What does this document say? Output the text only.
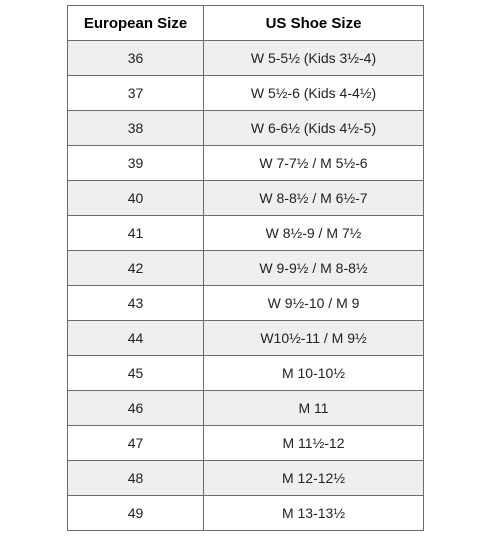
European Size	US Shoe Size
36	W 5-5½ (Kids 3½-4)
37	W 5½-6 (Kids 4-4½)
38	W 6-6½ (Kids 4½-5)
39	W 7-7½ / M 5½-6
40	W 8-8½ / M 6½-7
41	W 8½-9 / M 7½
42	W 9-9½ / M 8-8½
43	W 9½-10 / M 9
44	W10½-11 / M 9½
45	M 10-10½
46	M 11
47	M 11½-12
48	M 12-12½
49	M 13-13½
